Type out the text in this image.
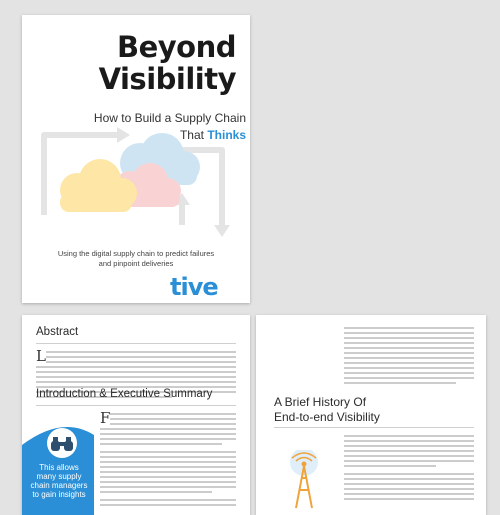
Beyond
Visibility
How to Build a Supply Chain
That Thinks
Using the digital supply chain to predict failures
and pinpoint deliveries
tive
Abstract
L
Introduction & Executive Summary
F
This allows
many supply
chain managers
to gain insights
A Brief History Of
End-to-end Visibility
